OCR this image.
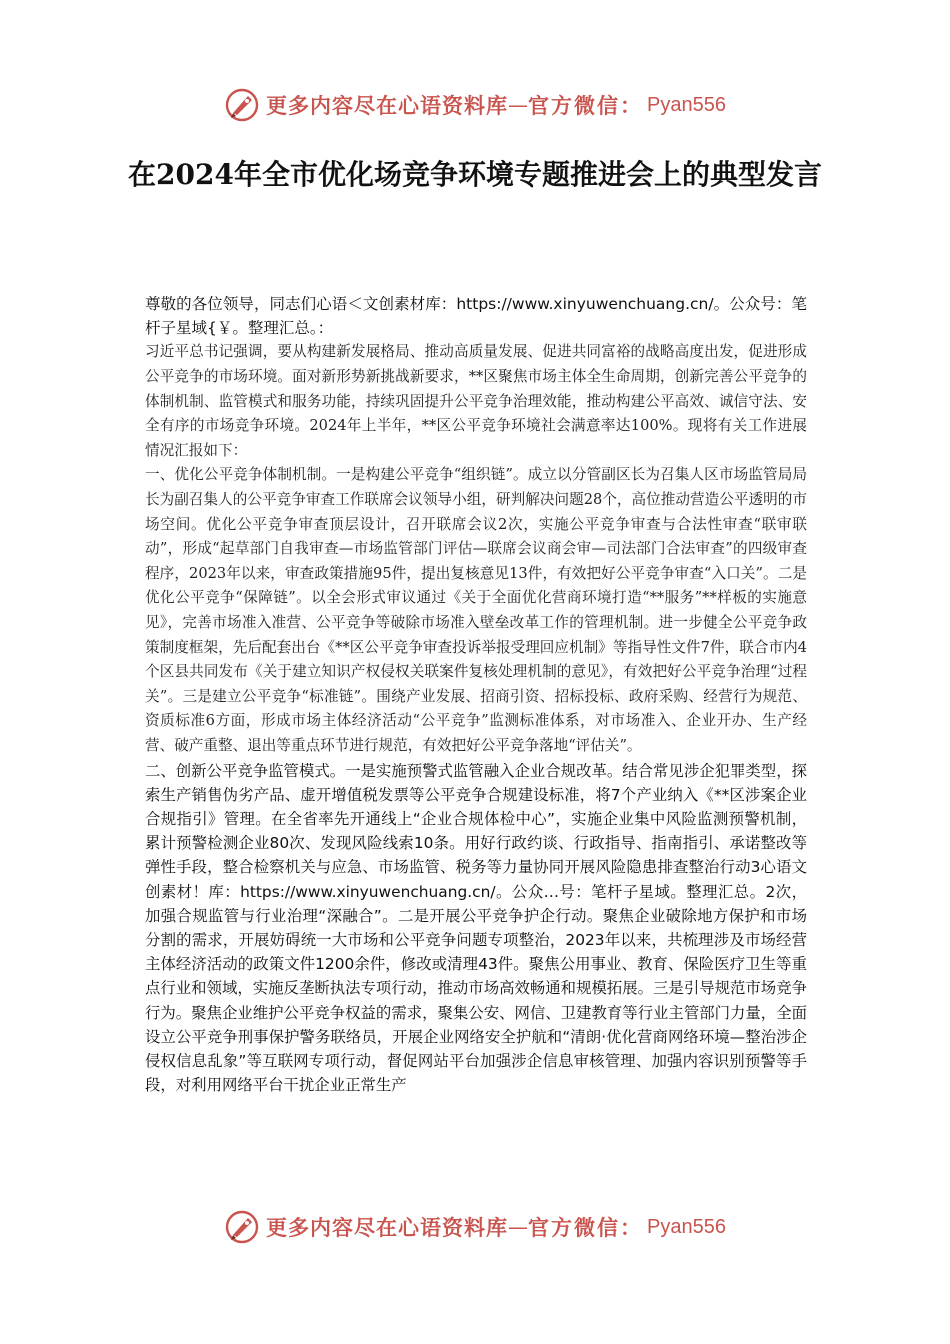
更多内容尽在心语资料库 — 官方微信： Pyan556
在2024年全市优化场竞争环境专题推进会上的典型发言

尊敬的各位领导，同志们心语＜文创素材库：https://www.xinyuwenchuang.cn/。公众号：笔杆子星域{￥。整理汇总。：

习近平总书记强调，要从构建新发展格局、推动高质量发展、促进共同富裕的战略高度出发，促进形成公平竞争的市场环境。面对新形势新挑战新要求，**区聚焦市场主体全生命周期，创新完善公平竞争的体制机制、监管模式和服务功能，持续巩固提升公平竞争治理效能，推动构建公平高效、诚信守法、安全有序的市场竞争环境。2024年上半年，**区公平竞争环境社会满意率达100%。现将有关工作进展情况汇报如下：

一、优化公平竞争体制机制。一是构建公平竞争“组织链”。成立以分管副区长为召集人区市场监管局局长为副召集人的公平竞争审查工作联席会议领导小组，研判解决问题28个，高位推动营造公平透明的市场空间。优化公平竞争审查顶层设计，召开联席会议2次，实施公平竞争审查与合法性审查“联审联动”，形成“起草部门自我审查—市场监管部门评估—联席会议商会审—司法部门合法审查”的四级审查程序，2023年以来，审查政策措施95件，提出复核意见13件，有效把好公平竞争审查“入口关”。二是优化公平竞争“保障链”。以全会形式审议通过《关于全面优化营商环境打造“**服务”**样板的实施意见》，完善市场准入准营、公平竞争等破除市场准入壁垒改革工作的管理机制。进一步健全公平竞争政策制度框架，先后配套出台《**区公平竞争审查投诉举报受理回应机制》等指导性文件7件，联合市内4个区县共同发布《关于建立知识产权侵权关联案件复核处理机制的意见》，有效把好公平竞争治理“过程关”。三是建立公平竞争“标准链”。围绕产业发展、招商引资、招标投标、政府采购、经营行为规范、资质标准6方面，形成市场主体经济活动“公平竞争”监测标准体系，对市场准入、企业开办、生产经营、破产重整、退出等重点环节进行规范，有效把好公平竞争落地“评估关”。

二、创新公平竞争监管模式。一是实施预警式监管融入企业合规改革。结合常见涉企犯罪类型，探索生产销售伪劣产品、虚开增值税发票等公平竞争合规建设标准，将7个产业纳入《**区涉案企业合规指引》管理。在全省率先开通线上“企业合规体检中心”，实施企业集中风险监测预警机制，累计预警检测企业80次、发现风险线索10条。用好行政约谈、行政指导、指南指引、承诺整改等弹性手段，整合检察机关与应急、市场监管、税务等力量协同开展风险隐患排查整治行动3心语文创素材！库：https://www.xinyuwenchuang.cn/。公众…号：笔杆子星域。整理汇总。2次，加强合规监管与行业治理“深融合”。二是开展公平竞争护企行动。聚焦企业破除地方保护和市场分割的需求，开展妨碍统一大市场和公平竞争问题专项整治，2023年以来，共梳理涉及市场经营主体经济活动的政策文件1200余件，修改或清理43件。聚焦公用事业、教育、保险医疗卫生等重点行业和领域，实施反垄断执法专项行动，推动市场高效畅通和规模拓展。三是引导规范市场竞争行为。聚焦企业维护公平竞争权益的需求，聚集公安、网信、卫建教育等行业主管部门力量，全面设立公平竞争刑事保护警务联络员，开展企业网络安全护航和“清朗·优化营商网络环境—整治涉企侵权信息乱象”等互联网专项行动，督促网站平台加强涉企信息审核管理、加强内容识别预警等手段，对利用网络平台干扰企业正常生产

更多内容尽在心语资料库 — 官方微信： Pyan556
